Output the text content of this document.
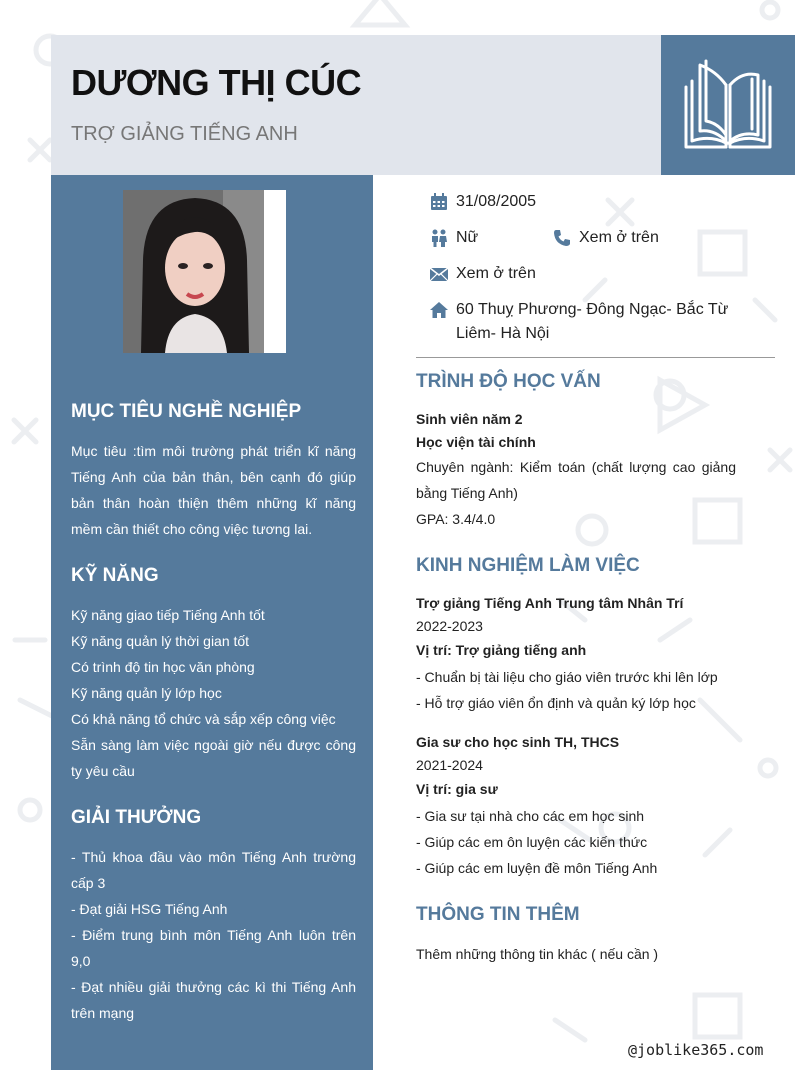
DƯƠNG THỊ CÚC
TRỢ GIẢNG TIẾNG ANH
MỤC TIÊU NGHỀ NGHIỆP
Mục tiêu :tìm môi trường phát triển kĩ năng Tiếng Anh của bản thân, bên cạnh đó giúp bản thân hoàn thiện thêm những kĩ năng mềm cần thiết cho công việc tương lai.
KỸ NĂNG
Kỹ năng giao tiếp Tiếng Anh tốt
Kỹ năng quản lý thời gian tốt
Có trình độ tin học văn phòng
Kỹ năng quản lý lớp học
Có khả năng tổ chức và sắp xếp công việc
Sẵn sàng làm việc ngoài giờ nếu được công ty yêu cầu
GIẢI THƯỞNG
- Thủ khoa đầu vào môn Tiếng Anh trường cấp 3
- Đạt giải HSG Tiếng Anh
- Điểm trung bình môn Tiếng Anh luôn trên 9,0
- Đạt nhiều giải thưởng các kì thi Tiếng Anh trên mạng
31/08/2005
Nữ	Xem ở trên
Xem ở trên
60 Thuỵ Phương- Đông Ngạc- Bắc Từ Liêm- Hà Nội
TRÌNH ĐỘ HỌC VẤN
Sinh viên năm 2
Học viện tài chính
Chuyên ngành: Kiểm toán (chất lượng cao giảng bằng Tiếng Anh)
GPA: 3.4/4.0
KINH NGHIỆM LÀM VIỆC
Trợ giảng Tiếng Anh Trung tâm Nhân Trí
2022-2023
Vị trí: Trợ giảng tiếng anh
- Chuẩn bị tài liệu cho giáo viên trước khi lên lớp
- Hỗ trợ giáo viên ổn định và quản ký lớp học
Gia sư cho học sinh TH, THCS
2021-2024
Vị trí: gia sư
- Gia sư tại nhà cho các em học sinh
- Giúp các em ôn luyện các kiến thức
- Giúp các em luyện đề môn Tiếng Anh
THÔNG TIN THÊM
Thêm những thông tin khác ( nếu cần )
@joblike365.com
